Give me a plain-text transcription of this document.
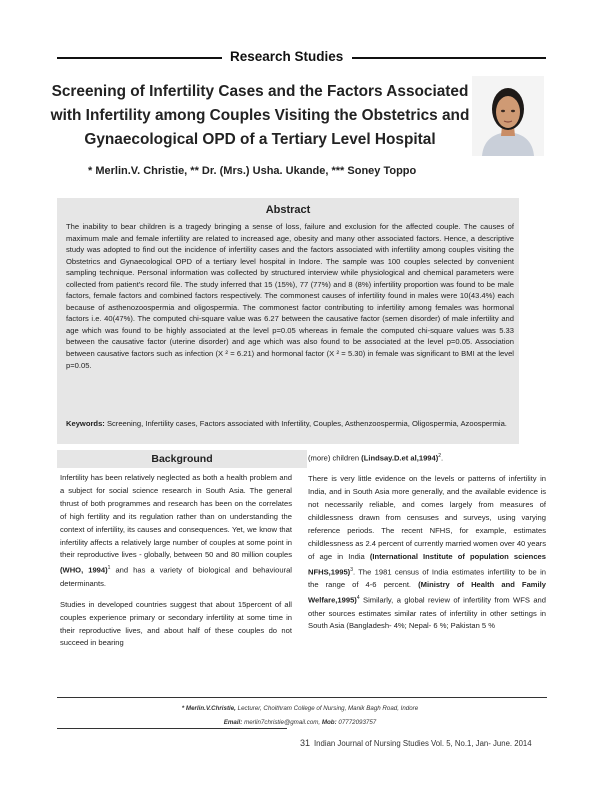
Research Studies
Screening of Infertility Cases and the Factors Associated with Infertility among Couples Visiting the Obstetrics and Gynaecological OPD of a Tertiary Level Hospital
* Merlin.V. Christie, ** Dr. (Mrs.) Usha. Ukande, *** Soney Toppo
Abstract
The inability to bear children is a tragedy bringing a sense of loss, failure and exclusion for the affected couple. The causes of maximum male and female infertility are related to increased age, obesity and many other associated factors. Hence, a descriptive study was adopted to find out the incidence of infertility cases and the factors associated with infertility among couples visiting the Obstetrics and Gynaecological OPD of a tertiary level hospital in Indore. The sample was 100 couples selected by convenient sampling technique. Personal information was collected by structured interview while physiological and chemical parameters were collected from patient's record file. The study inferred that 15 (15%), 77 (77%) and 8 (8%) infertility proportion was found to be male factors, female factors and combined factors respectively. The commonest causes of infertility found in males were 10(43.4%) each because of asthenozoospermia and oligospermia. The commonest factor contributing to infertility among females was hormonal factors i.e. 40(47%). The computed chi-square value was 6.27 between the causative factor (semen disorder) of male infertility and age which was found to be highly associated at the level p=0.05 whereas in female the computed chi-square values was 5.33 between the causative factor (uterine disorder) and age which was also found to be associated at the level p=0.05. Association between causative factors such as infection (X ² = 6.21) and hormonal factor (X ² = 5.30) in female was significant to BMI at the level p=0.05.
Keywords: Screening, Infertility cases, Factors associated with Infertility, Couples, Asthenzoospermia, Oligospermia, Azoospermia.
Background

Infertility has been relatively neglected as both a health problem and a subject for social science research in South Asia. The general thrust of both programmes and research has been on the correlates of high fertility and its regulation rather than on understanding the context of infertility, its causes and consequences. Yet, we know that infertility affects a relatively large number of couples at some point in their reproductive lives - globally, between 50 and 80 million couples (WHO, 1994)$^1$ and has a variety of biological and behavioural determinants.

Studies in developed countries suggest that about 15percent of all couples experience primary or secondary infertility at some time in their reproductive lives, and about half of these couples do not succeed in bearing

(more) children (Lindsay.D.et al,1994)$^2$.

There is very little evidence on the levels or patterns of infertility in India, and in South Asia more generally, and the available evidence is not necessarily reliable, and comes largely from measures of childlessness drawn from censuses and surveys, using varying reference periods. The recent NFHS, for example, estimates childlessness as 2.4 percent of currently married women over 40 years of age in India (International Institute of population sciences NFHS,1995)$^3$. The 1981 census of India estimates infertility to be in the range of 4-6 percent. (Ministry of Health and Family Welfare,1995)$^4$ Similarly, a global review of infertility from WFS and other sources estimates similar rates of infertility in other settings in South Asia (Bangladesh- 4%; Nepal- 6 %; Pakistan 5 %

* Merlin.V.Christie, Lecturer, Choithram College of Nursing, Manik Bagh Road, Indore
Email: merlin7christie@gmail.com, Mob: 07772093757
31 Indian Journal of Nursing Studies Vol. 5, No.1, Jan- June. 2014
